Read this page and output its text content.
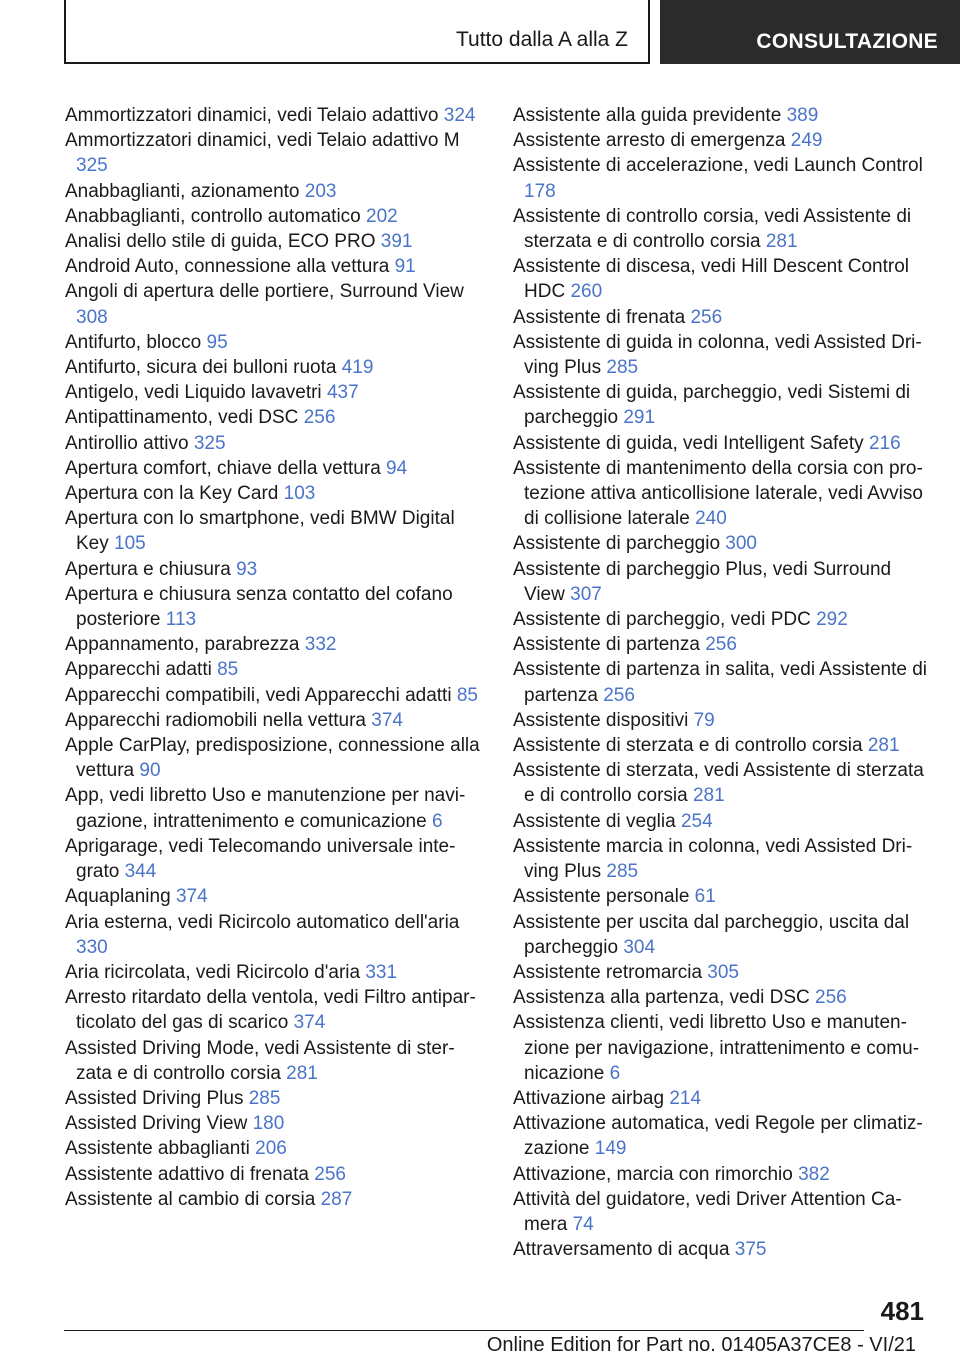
Tutto dalla A alla Z	CONSULTAZIONE
Ammortizzatori dinamici, vedi Telaio adattivo 324
Ammortizzatori dinamici, vedi Telaio adattivo M 325
Anabbaglianti, azionamento 203
Anabbaglianti, controllo automatico 202
Analisi dello stile di guida, ECO PRO 391
Android Auto, connessione alla vettura 91
Angoli di apertura delle portiere, Surround View 308
Antifurto, blocco 95
Antifurto, sicura dei bulloni ruota 419
Antigelo, vedi Liquido lavavetri 437
Antipattinamento, vedi DSC 256
Antirollio attivo 325
Apertura comfort, chiave della vettura 94
Apertura con la Key Card 103
Apertura con lo smartphone, vedi BMW Digital Key 105
Apertura e chiusura 93
Apertura e chiusura senza contatto del cofano posteriore 113
Appannamento, parabrezza 332
Apparecchi adatti 85
Apparecchi compatibili, vedi Apparecchi adatti 85
Apparecchi radiomobili nella vettura 374
Apple CarPlay, predisposizione, connessione alla vettura 90
App, vedi libretto Uso e manutenzione per navigazione, intrattenimento e comunicazione 6
Aprigarage, vedi Telecomando universale integrato 344
Aquaplaning 374
Aria esterna, vedi Ricircolo automatico dell'aria 330
Aria ricircolata, vedi Ricircolo d'aria 331
Arresto ritardato della ventola, vedi Filtro antiparticolato del gas di scarico 374
Assisted Driving Mode, vedi Assistente di sterzata e di controllo corsia 281
Assisted Driving Plus 285
Assisted Driving View 180
Assistente abbaglianti 206
Assistente adattivo di frenata 256
Assistente al cambio di corsia 287
Assistente alla guida previdente 389
Assistente arresto di emergenza 249
Assistente di accelerazione, vedi Launch Control 178
Assistente di controllo corsia, vedi Assistente di sterzata e di controllo corsia 281
Assistente di discesa, vedi Hill Descent Control HDC 260
Assistente di frenata 256
Assistente di guida in colonna, vedi Assisted Driving Plus 285
Assistente di guida, parcheggio, vedi Sistemi di parcheggio 291
Assistente di guida, vedi Intelligent Safety 216
Assistente di mantenimento della corsia con protezione attiva anticollisione laterale, vedi Avviso di collisione laterale 240
Assistente di parcheggio 300
Assistente di parcheggio Plus, vedi Surround View 307
Assistente di parcheggio, vedi PDC 292
Assistente di partenza 256
Assistente di partenza in salita, vedi Assistente di partenza 256
Assistente dispositivi 79
Assistente di sterzata e di controllo corsia 281
Assistente di sterzata, vedi Assistente di sterzata e di controllo corsia 281
Assistente di veglia 254
Assistente marcia in colonna, vedi Assisted Driving Plus 285
Assistente personale 61
Assistente per uscita dal parcheggio, uscita dal parcheggio 304
Assistente retromarcia 305
Assistenza alla partenza, vedi DSC 256
Assistenza clienti, vedi libretto Uso e manutenzione per navigazione, intrattenimento e comunicazione 6
Attivazione airbag 214
Attivazione automatica, vedi Regole per climatizzazione 149
Attivazione, marcia con rimorchio 382
Attività del guidatore, vedi Driver Attention Camera 74
Attraversamento di acqua 375
481
Online Edition for Part no. 01405A37CE8 - VI/21
